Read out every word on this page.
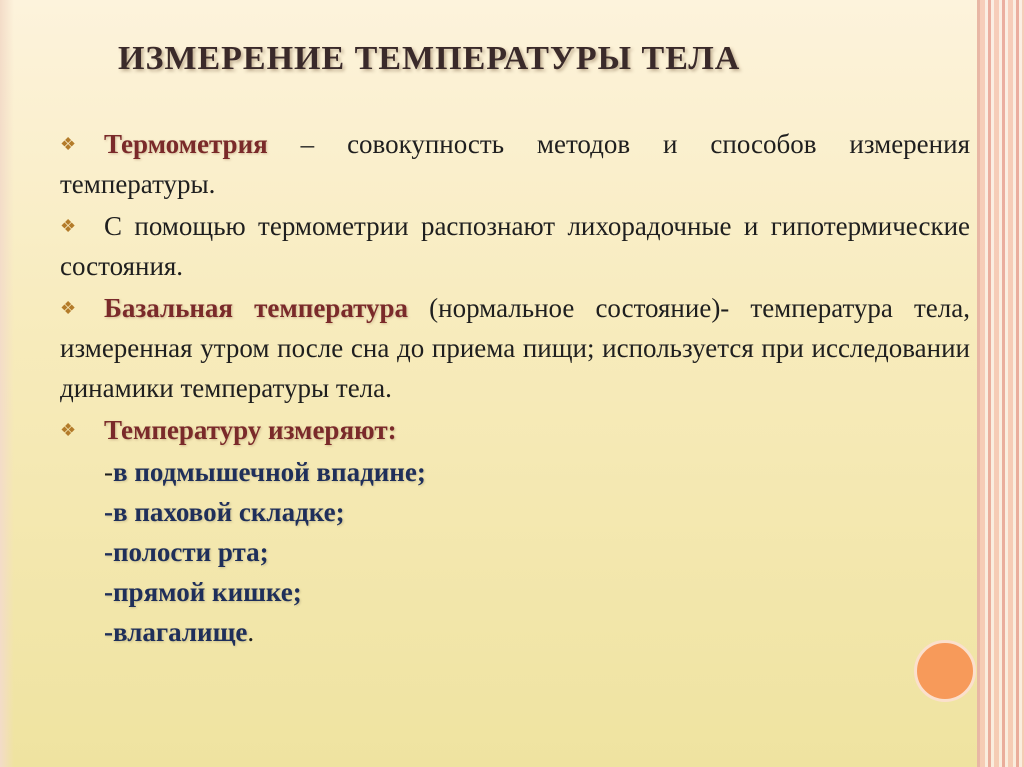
ИЗМЕРЕНИЕ ТЕМПЕРАТУРЫ ТЕЛА

❖ Термометрия – совокупность методов и способов измерения температуры.

❖ С помощью термометрии распознают лихорадочные и гипотермические состояния.

❖ Базальная температура (нормальное состояние)- температура тела, измеренная утром после сна до приема пищи; используется при исследовании динамики температуры тела.

❖ Температуру измеряют:

-в подмышечной впадине;
-в паховой складке;
-полости рта;
-прямой кишке;
-влагалище.
